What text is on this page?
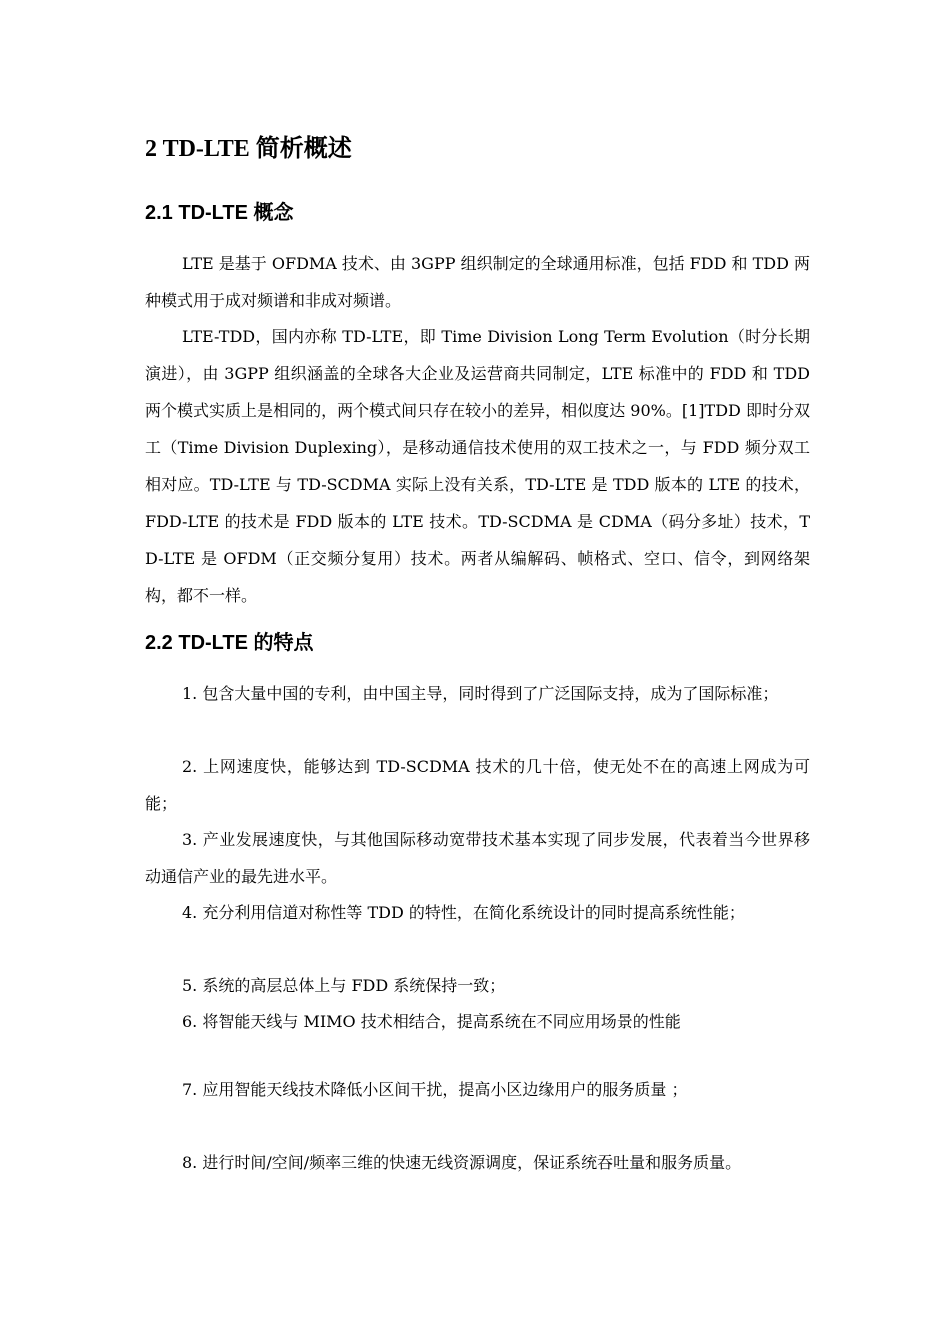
2 TD-LTE 简析概述
2.1 TD-LTE 概念

LTE 是基于 OFDMA 技术、由 3GPP 组织制定的全球通用标准，包括 FDD 和 TDD 两种模式用于成对频谱和非成对频谱。

LTE-TDD，国内亦称 TD-LTE，即 Time Division Long Term Evolution（时分长期演进），由 3GPP 组织涵盖的全球各大企业及运营商共同制定，LTE 标准中的 FDD 和 TDD 两个模式实质上是相同的，两个模式间只存在较小的差异，相似度达 90%。[1]TDD 即时分双工（Time Division Duplexing），是移动通信技术使用的双工技术之一，与 FDD 频分双工相对应。TD-LTE 与 TD-SCDMA 实际上没有关系，TD-LTE 是 TDD 版本的 LTE 的技术，FDD-LTE 的技术是 FDD 版本的 LTE 技术。TD-SCDMA 是 CDMA（码分多址）技术，TD-LTE 是 OFDM（正交频分复用）技术。两者从编解码、帧格式、空口、信令，到网络架构，都不一样。

2.2 TD-LTE 的特点

1. 包含大量中国的专利，由中国主导，同时得到了广泛国际支持，成为了国际标准；

2. 上网速度快，能够达到 TD-SCDMA 技术的几十倍，使无处不在的高速上网成为可能；

3. 产业发展速度快，与其他国际移动宽带技术基本实现了同步发展，代表着当今世界移动通信产业的最先进水平。

4. 充分利用信道对称性等 TDD 的特性，在简化系统设计的同时提高系统性能；

5. 系统的高层总体上与 FDD 系统保持一致；

6. 将智能天线与 MIMO 技术相结合，提高系统在不同应用场景的性能

7. 应用智能天线技术降低小区间干扰，提高小区边缘用户的服务质量 ；

8. 进行时间/空间/频率三维的快速无线资源调度，保证系统吞吐量和服务质量。
